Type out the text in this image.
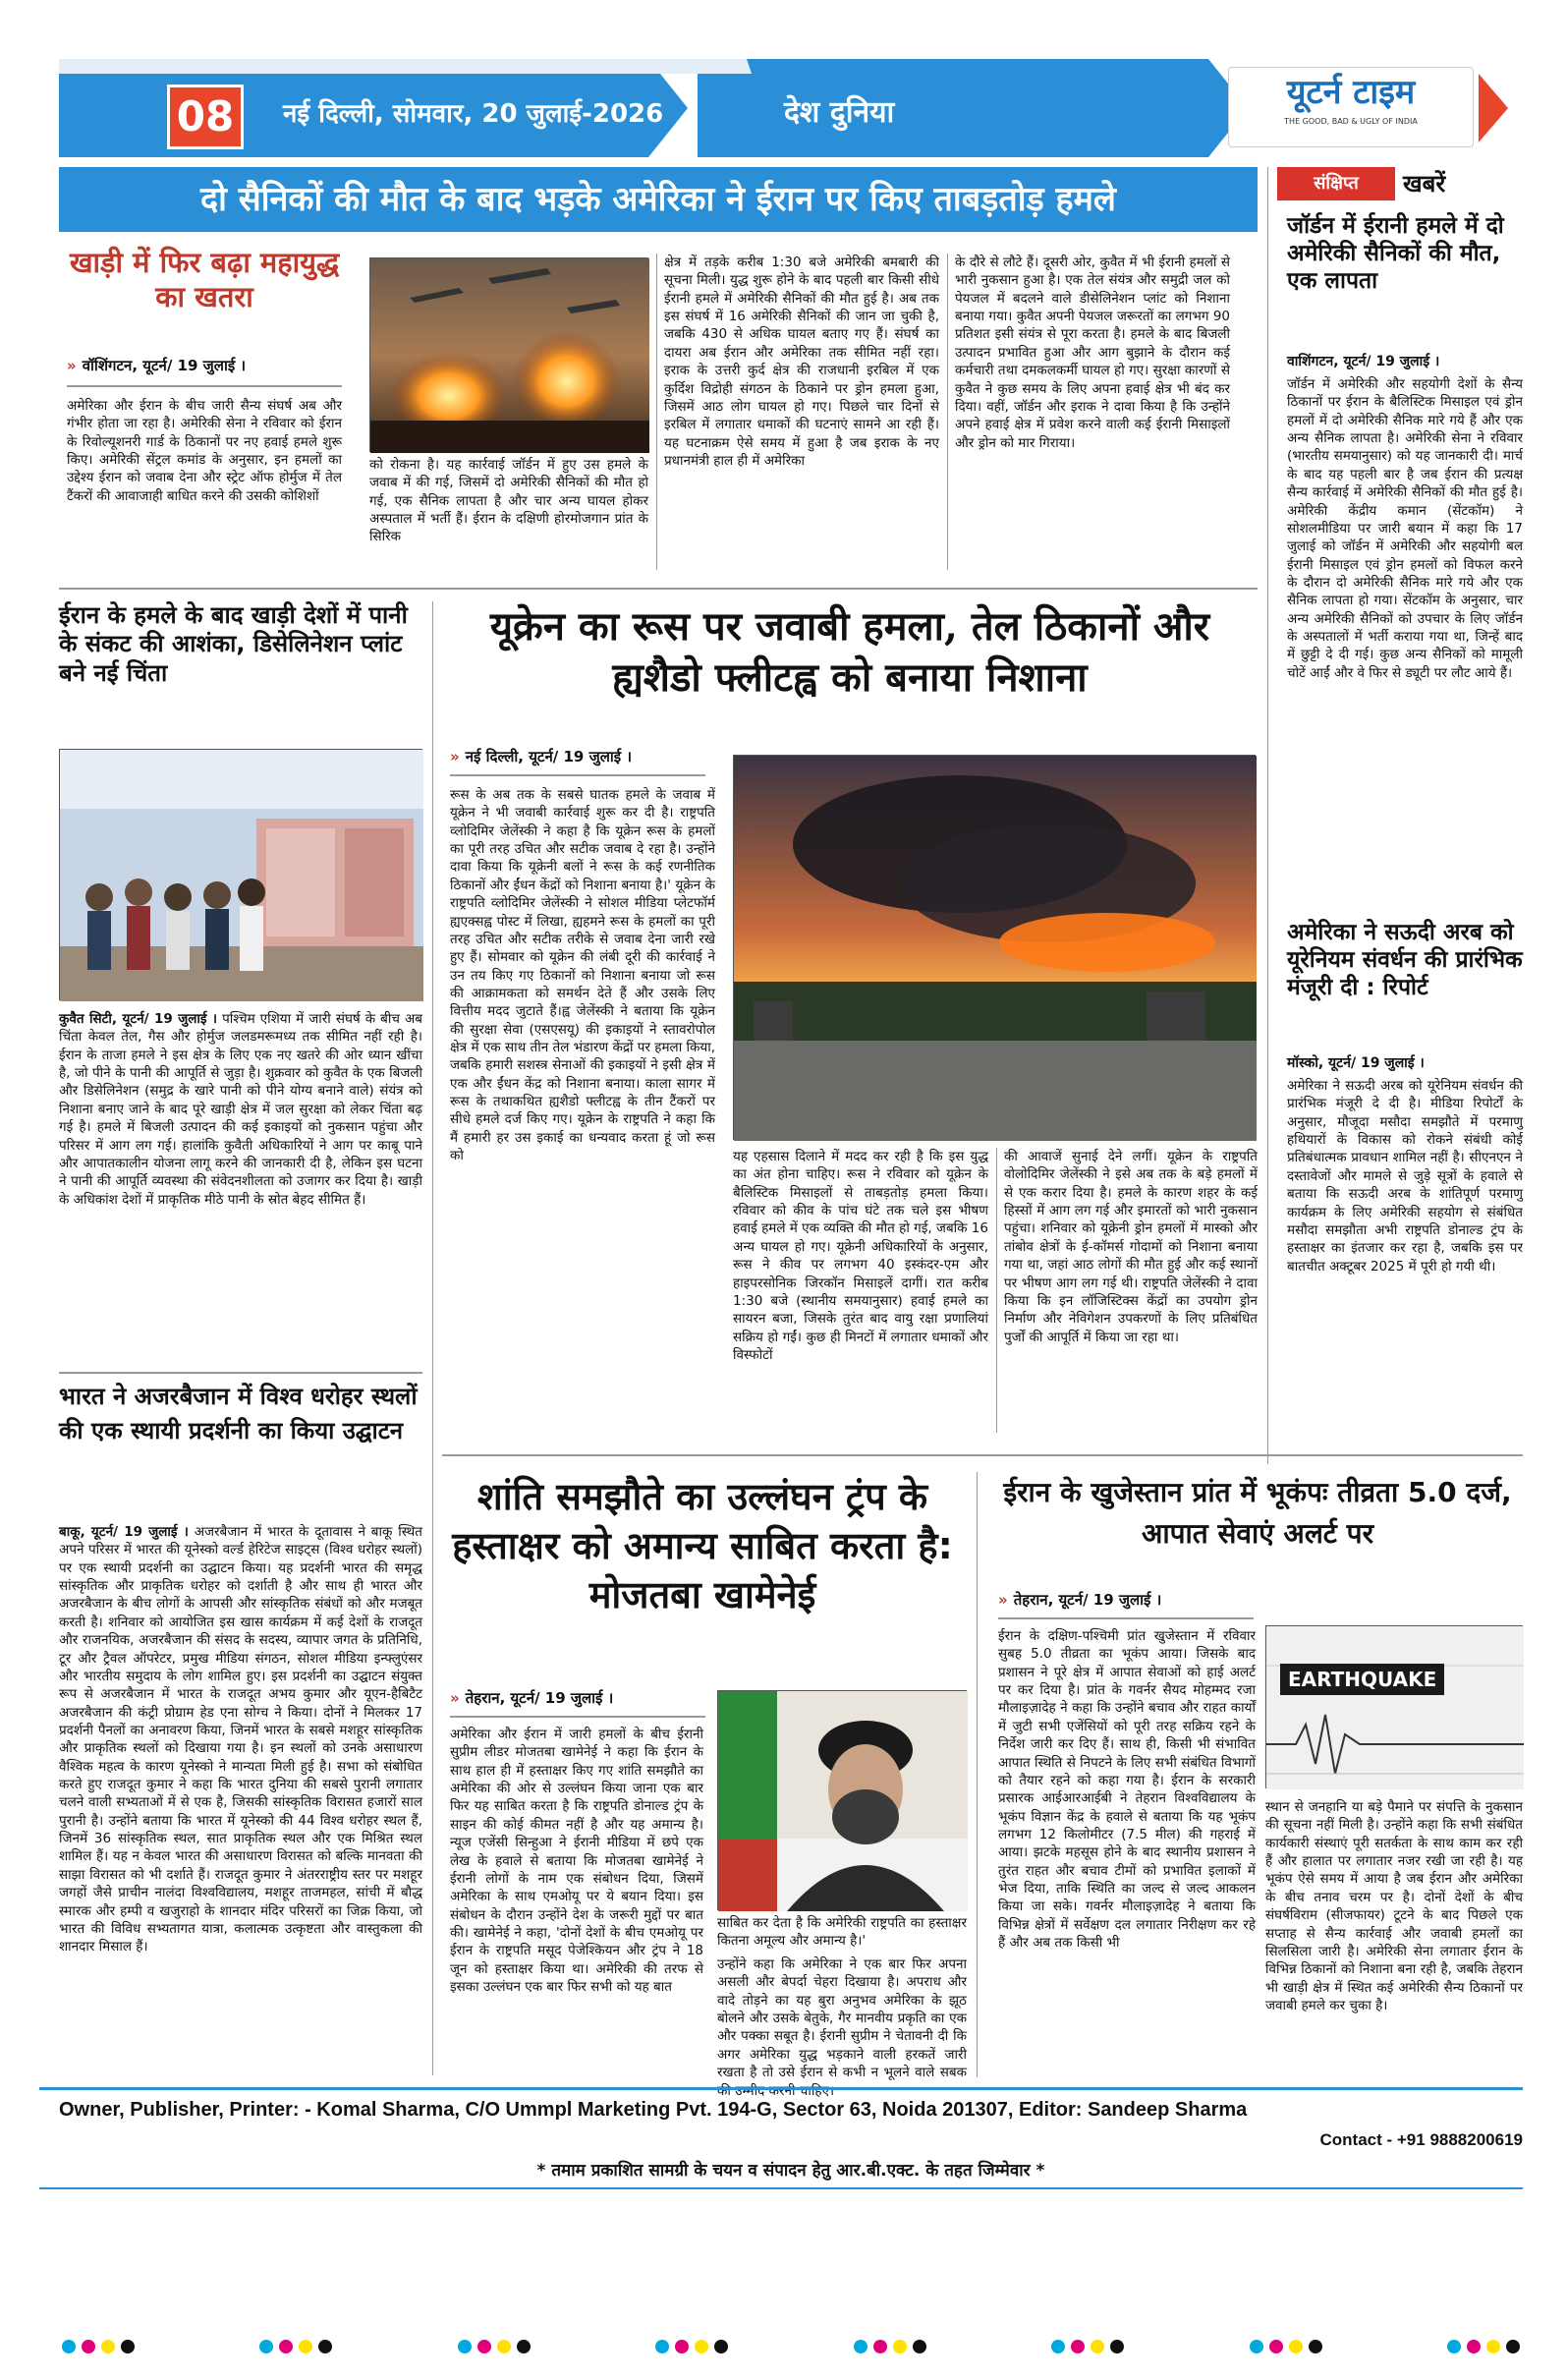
08	नई दिल्ली, सोमवार, 20 जुलाई-2026	देश दुनिया
यूटर्न टाइम
THE GOOD, BAD & UGLY OF INDIA
दो सैनिकों की मौत के बाद भड़के अमेरिका ने ईरान पर किए ताबड़तोड़ हमले
खाड़ी में फिर बढ़ा महायुद्ध का खतरा
» वॉशिंगटन, यूटर्न/ 19 जुलाई ।
अमेरिका और ईरान के बीच जारी सैन्य संघर्ष अब और गंभीर होता जा रहा है। अमेरिकी सेना ने रविवार को ईरान के रिवोल्यूशनरी गार्ड के ठिकानों पर नए हवाई हमले शुरू किए। अमेरिकी सेंट्रल कमांड के अनुसार, इन हमलों का उद्देश्य ईरान को जवाब देना और स्ट्रेट ऑफ होर्मुज में तेल टैंकरों की आवाजाही बाधित करने की उसकी कोशिशों
को रोकना है। यह कार्रवाई जॉर्डन में हुए उस हमले के जवाब में की गई, जिसमें दो अमेरिकी सैनिकों की मौत हो गई, एक सैनिक लापता है और चार अन्य घायल होकर अस्पताल में भर्ती हैं। ईरान के दक्षिणी होरमोजगान प्रांत के सिरिक
क्षेत्र में तड़के करीब 1:30 बजे अमेरिकी बमबारी की सूचना मिली। युद्ध शुरू होने के बाद पहली बार किसी सीधे ईरानी हमले में अमेरिकी सैनिकों की मौत हुई है। अब तक इस संघर्ष में 16 अमेरिकी सैनिकों की जान जा चुकी है, जबकि 430 से अधिक घायल बताए गए हैं। संघर्ष का दायरा अब ईरान और अमेरिका तक सीमित नहीं रहा। इराक के उत्तरी कुर्द क्षेत्र की राजधानी इरबिल में एक कुर्दिश विद्रोही संगठन के ठिकाने पर ड्रोन हमला हुआ, जिसमें आठ लोग घायल हो गए। पिछले चार दिनों से इरबिल में लगातार धमाकों की घटनाएं सामने आ रही हैं। यह घटनाक्रम ऐसे समय में हुआ है जब इराक के नए प्रधानमंत्री हाल ही में अमेरिका
के दौरे से लौटे हैं। दूसरी ओर, कुवैत में भी ईरानी हमलों से भारी नुकसान हुआ है। एक तेल संयंत्र और समुद्री जल को पेयजल में बदलने वाले डीसेलिनेशन प्लांट को निशाना बनाया गया। कुवैत अपनी पेयजल जरूरतों का लगभग 90 प्रतिशत इसी संयंत्र से पूरा करता है। हमले के बाद बिजली उत्पादन प्रभावित हुआ और आग बुझाने के दौरान कई कर्मचारी तथा दमकलकर्मी घायल हो गए। सुरक्षा कारणों से कुवैत ने कुछ समय के लिए अपना हवाई क्षेत्र भी बंद कर दिया। वहीं, जॉर्डन और इराक ने दावा किया है कि उन्होंने अपने हवाई क्षेत्र में प्रवेश करने वाली कई ईरानी मिसाइलों और ड्रोन को मार गिराया।
संक्षिप्त	खबरें
जॉर्डन में ईरानी हमले में दो अमेरिकी सैनिकों की मौत, एक लापता
वाशिंगटन, यूटर्न/ 19 जुलाई ।
जॉर्डन में अमेरिकी और सहयोगी देशों के सैन्य ठिकानों पर ईरान के बैलिस्टिक मिसाइल एवं ड्रोन हमलों में दो अमेरिकी सैनिक मारे गये हैं और एक अन्य सैनिक लापता है। अमेरिकी सेना ने रविवार (भारतीय समयानुसार) को यह जानकारी दी। मार्च के बाद यह पहली बार है जब ईरान की प्रत्यक्ष सैन्य कार्रवाई में अमेरिकी सैनिकों की मौत हुई है। अमेरिकी केंद्रीय कमान (सेंटकॉम) ने सोशलमीडिया पर जारी बयान में कहा कि 17 जुलाई को जॉर्डन में अमेरिकी और सहयोगी बल ईरानी मिसाइल एवं ड्रोन हमलों को विफल करने के दौरान दो अमेरिकी सैनिक मारे गये और एक सैनिक लापता हो गया। सेंटकॉम के अनुसार, चार अन्य अमेरिकी सैनिकों को उपचार के लिए जॉर्डन के अस्पतालों में भर्ती कराया गया था, जिन्हें बाद में छुट्टी दे दी गई। कुछ अन्य सैनिकों को मामूली चोटें आईं और वे फिर से ड्यूटी पर लौट आये हैं।
अमेरिका ने सऊदी अरब को यूरेनियम संवर्धन की प्रारंभिक मंजूरी दी : रिपोर्ट
मॉस्को, यूटर्न/ 19 जुलाई ।
अमेरिका ने सऊदी अरब को यूरेनियम संवर्धन की प्रारंभिक मंजूरी दे दी है। मीडिया रिपोर्टों के अनुसार, मौजूदा मसौदा समझौते में परमाणु हथियारों के विकास को रोकने संबंधी कोई प्रतिबंधात्मक प्रावधान शामिल नहीं है। सीएनएन ने दस्तावेजों और मामले से जुड़े सूत्रों के हवाले से बताया कि सऊदी अरब के शांतिपूर्ण परमाणु कार्यक्रम के लिए अमेरिकी सहयोग से संबंधित मसौदा समझौता अभी राष्ट्रपति डोनाल्ड ट्रंप के हस्ताक्षर का इंतजार कर रहा है, जबकि इस पर बातचीत अक्टूबर 2025 में पूरी हो गयी थी।
ईरान के हमले के बाद खाड़ी देशों में पानी के संकट की आशंका, डिसेलिनेशन प्लांट बने नई चिंता
कुवैत सिटी, यूटर्न/ 19 जुलाई । पश्चिम एशिया में जारी संघर्ष के बीच अब चिंता केवल तेल, गैस और होर्मुज जलडमरूमध्य तक सीमित नहीं रही है। ईरान के ताजा हमले ने इस क्षेत्र के लिए एक नए खतरे की ओर ध्यान खींचा है, जो पीने के पानी की आपूर्ति से जुड़ा है। शुक्रवार को कुवैत के एक बिजली और डिसेलिनेशन (समुद्र के खारे पानी को पीने योग्य बनाने वाले) संयंत्र को निशाना बनाए जाने के बाद पूरे खाड़ी क्षेत्र में जल सुरक्षा को लेकर चिंता बढ़ गई है। हमले में बिजली उत्पादन की कई इकाइयों को नुकसान पहुंचा और परिसर में आग लग गई। हालांकि कुवैती अधिकारियों ने आग पर काबू पाने और आपातकालीन योजना लागू करने की जानकारी दी है, लेकिन इस घटना ने पानी की आपूर्ति व्यवस्था की संवेदनशीलता को उजागर कर दिया है। खाड़ी के अधिकांश देशों में प्राकृतिक मीठे पानी के स्रोत बेहद सीमित हैं।
भारत ने अजरबैजान में विश्व धरोहर स्थलों की एक स्थायी प्रदर्शनी का किया उद्घाटन
बाकू, यूटर्न/ 19 जुलाई । अजरबैजान में भारत के दूतावास ने बाकू स्थित अपने परिसर में भारत की यूनेस्को वर्ल्ड हेरिटेज साइट्स (विश्व धरोहर स्थलों) पर एक स्थायी प्रदर्शनी का उद्घाटन किया। यह प्रदर्शनी भारत की समृद्ध सांस्कृतिक और प्राकृतिक धरोहर को दर्शाती है और साथ ही भारत और अजरबैजान के बीच लोगों के आपसी और सांस्कृतिक संबंधों को और मजबूत करती है। शनिवार को आयोजित इस खास कार्यक्रम में कई देशों के राजदूत और राजनयिक, अजरबैजान की संसद के सदस्य, व्यापार जगत के प्रतिनिधि, टूर और ट्रैवल ऑपरेटर, प्रमुख मीडिया संगठन, सोशल मीडिया इन्फ्लुएंसर और भारतीय समुदाय के लोग शामिल हुए। इस प्रदर्शनी का उद्घाटन संयुक्त रूप से अजरबैजान में भारत के राजदूत अभय कुमार और यूएन-हैबिटैट अजरबैजान की कंट्री प्रोग्राम हेड एना सोग्च ने किया। दोनों ने मिलकर 17 प्रदर्शनी पैनलों का अनावरण किया, जिनमें भारत के सबसे मशहूर सांस्कृतिक और प्राकृतिक स्थलों को दिखाया गया है। इन स्थलों को उनके असाधारण वैश्विक महत्व के कारण यूनेस्को ने मान्यता मिली हुई है। सभा को संबोधित करते हुए राजदूत कुमार ने कहा कि भारत दुनिया की सबसे पुरानी लगातार चलने वाली सभ्यताओं में से एक है, जिसकी सांस्कृतिक विरासत हजारों साल पुरानी है। उन्होंने बताया कि भारत में यूनेस्को की 44 विश्व धरोहर स्थल हैं, जिनमें 36 सांस्कृतिक स्थल, सात प्राकृतिक स्थल और एक मिश्रित स्थल शामिल हैं। यह न केवल भारत की असाधारण विरासत को बल्कि मानवता की साझा विरासत को भी दर्शाते हैं। राजदूत कुमार ने अंतरराष्ट्रीय स्तर पर मशहूर जगहों जैसे प्राचीन नालंदा विश्वविद्यालय, मशहूर ताजमहल, सांची में बौद्ध स्मारक और हम्पी व खजुराहो के शानदार मंदिर परिसरों का जिक्र किया, जो भारत की विविध सभ्यतागत यात्रा, कलात्मक उत्कृष्टता और वास्तुकला की शानदार मिसाल हैं।
यूक्रेन का रूस पर जवाबी हमला, तेल ठिकानों और ह्यशैडो फ्लीटह्व को बनाया निशाना
» नई दिल्ली, यूटर्न/ 19 जुलाई ।
रूस के अब तक के सबसे घातक हमले के जवाब में यूक्रेन ने भी जवाबी कार्रवाई शुरू कर दी है। राष्ट्रपति व्लोदिमिर जेलेंस्की ने कहा है कि यूक्रेन रूस के हमलों का पूरी तरह उचित और सटीक जवाब दे रहा है। उन्होंने दावा किया कि यूक्रेनी बलों ने रूस के कई रणनीतिक ठिकानों और ईंधन केंद्रों को निशाना बनाया है।' यूक्रेन के राष्ट्रपति व्लोदिमिर जेलेंस्की ने सोशल मीडिया प्लेटफॉर्म ह्यएक्सह्व पोस्ट में लिखा, ह्यहमने रूस के हमलों का पूरी तरह उचित और सटीक तरीके से जवाब देना जारी रखे हुए हैं। सोमवार को यूक्रेन की लंबी दूरी की कार्रवाई ने उन तय किए गए ठिकानों को निशाना बनाया जो रूस की आक्रामकता को समर्थन देते हैं और उसके लिए वित्तीय मदद जुटाते हैं।ह्व जेलेंस्की ने बताया कि यूक्रेन की सुरक्षा सेवा (एसएसयू) की इकाइयों ने स्तावरोपोल क्षेत्र में एक साथ तीन तेल भंडारण केंद्रों पर हमला किया, जबकि हमारी सशस्त्र सेनाओं की इकाइयों ने इसी क्षेत्र में एक और ईंधन केंद्र को निशाना बनाया। काला सागर में रूस के तथाकथित ह्यशैडो फ्लीटह्व के तीन टैंकरों पर सीधे हमले दर्ज किए गए। यूक्रेन के राष्ट्रपति ने कहा कि मैं हमारी हर उस इकाई का धन्यवाद करता हूं जो रूस को	यह एहसास दिलाने में मदद कर रही है कि इस युद्ध का अंत होना चाहिए। रूस ने रविवार को यूक्रेन के बैलिस्टिक मिसाइलों से ताबड़तोड़ हमला किया। रविवार को कीव के पांच घंटे तक चले इस भीषण हवाई हमले में एक व्यक्ति की मौत हो गई, जबकि 16 अन्य घायल हो गए। यूक्रेनी अधिकारियों के अनुसार, रूस ने कीव पर लगभग 40 इस्कंदर-एम और हाइपरसोनिक जिरकॉन मिसाइलें दागीं। रात करीब 1:30 बजे (स्थानीय समयानुसार) हवाई हमले का सायरन बजा, जिसके तुरंत बाद वायु रक्षा प्रणालियां सक्रिय हो गईं। कुछ ही मिनटों में लगातार धमाकों और विस्फोटों
की आवाजें सुनाई देने लगीं। यूक्रेन के राष्ट्रपति वोलोदिमिर जेलेंस्की ने इसे अब तक के बड़े हमलों में से एक करार दिया है। हमले के कारण शहर के कई हिस्सों में आग लग गई और इमारतों को भारी नुकसान पहुंचा। शनिवार को यूक्रेनी ड्रोन हमलों में मास्को और तांबोव क्षेत्रों के ई-कॉमर्स गोदामों को निशाना बनाया गया था, जहां आठ लोगों की मौत हुई और कई स्थानों पर भीषण आग लग गई थी। राष्ट्रपति जेलेंस्की ने दावा किया कि इन लॉजिस्टिक्स केंद्रों का उपयोग ड्रोन निर्माण और नेविगेशन उपकरणों के लिए प्रतिबंधित पुर्जों की आपूर्ति में किया जा रहा था।
शांति समझौते का उल्लंघन ट्रंप के हस्ताक्षर को अमान्य साबित करता है: मोजतबा खामेनेई
» तेहरान, यूटर्न/ 19 जुलाई ।
अमेरिका और ईरान में जारी हमलों के बीच ईरानी सुप्रीम लीडर मोजतबा खामेनेई ने कहा कि ईरान के साथ हाल ही में हस्ताक्षर किए गए शांति समझौते का अमेरिका की ओर से उल्लंघन किया जाना एक बार फिर यह साबित करता है कि राष्ट्रपति डोनाल्ड ट्रंप के साइन की कोई कीमत नहीं है और यह अमान्य है। न्यूज एजेंसी सिन्हुआ ने ईरानी मीडिया में छपे एक लेख के हवाले से बताया कि मोजतबा खामेनेई ने ईरानी लोगों के नाम एक संबोधन दिया, जिसमें अमेरिका के साथ एमओयू पर ये बयान दिया। इस संबोधन के दौरान उन्होंने देश के जरूरी मुद्दों पर बात की। खामेनेई ने कहा, 'दोनों देशों के बीच एमओयू पर ईरान के राष्ट्रपति मसूद पेजेश्कियन और ट्रंप ने 18 जून को हस्ताक्षर किया था। अमेरिकी की तरफ से इसका उल्लंघन एक बार फिर सभी को यह बात
साबित कर देता है कि अमेरिकी राष्ट्रपति का हस्ताक्षर कितना अमूल्य और अमान्य है।'
उन्होंने कहा कि अमेरिका ने एक बार फिर अपना असली और बेपर्दा चेहरा दिखाया है। अपराध और वादे तोड़ने का यह बुरा अनुभव अमेरिका के झूठ बोलने और उसके बेतुके, गैर मानवीय प्रकृति का एक और पक्का सबूत है। ईरानी सुप्रीम ने चेतावनी दी कि अगर अमेरिका युद्ध भड़काने वाली हरकतें जारी रखता है तो उसे ईरान से कभी न भूलने वाले सबक की उम्मीद करनी चाहिए।
ईरान के खुजेस्तान प्रांत में भूकंपः तीव्रता 5.0 दर्ज, आपात सेवाएं अलर्ट पर
» तेहरान, यूटर्न/ 19 जुलाई ।
ईरान के दक्षिण-पश्चिमी प्रांत खुजेस्तान में रविवार सुबह 5.0 तीव्रता का भूकंप आया। जिसके बाद प्रशासन ने पूरे क्षेत्र में आपात सेवाओं को हाई अलर्ट पर कर दिया है। प्रांत के गवर्नर सैयद मोहम्मद रजा मौलाइज़ादेह ने कहा कि उन्होंने बचाव और राहत कार्यों में जुटी सभी एजेंसियों को पूरी तरह सक्रिय रहने के निर्देश जारी कर दिए हैं। साथ ही, किसी भी संभावित आपात स्थिति से निपटने के लिए सभी संबंधित विभागों को तैयार रहने को कहा गया है। ईरान के सरकारी प्रसारक आईआरआईबी ने तेहरान विश्वविद्यालय के भूकंप विज्ञान केंद्र के हवाले से बताया कि यह भूकंप लगभग 12 किलोमीटर (7.5 मील) की गहराई में आया। झटके महसूस होने के बाद स्थानीय प्रशासन ने तुरंत राहत और बचाव टीमों को प्रभावित इलाकों में भेज दिया, ताकि स्थिति का जल्द से जल्द आकलन किया जा सके। गवर्नर मौलाइज़ादेह ने बताया कि विभिन्न क्षेत्रों में सर्वेक्षण दल लगातार निरीक्षण कर रहे हैं और अब तक किसी भी
EARTHQUAKE
स्थान से जनहानि या बड़े पैमाने पर संपत्ति के नुकसान की सूचना नहीं मिली है। उन्होंने कहा कि सभी संबंधित कार्यकारी संस्थाएं पूरी सतर्कता के साथ काम कर रही हैं और हालात पर लगातार नजर रखी जा रही है। यह भूकंप ऐसे समय में आया है जब ईरान और अमेरिका के बीच तनाव चरम पर है। दोनों देशों के बीच संघर्षविराम (सीजफायर) टूटने के बाद पिछले एक सप्ताह से सैन्य कार्रवाई और जवाबी हमलों का सिलसिला जारी है। अमेरिकी सेना लगातार ईरान के विभिन्न ठिकानों को निशाना बना रही है, जबकि तेहरान भी खाड़ी क्षेत्र में स्थित कई अमेरिकी सैन्य ठिकानों पर जवाबी हमले कर चुका है।
Owner, Publisher, Printer: - Komal Sharma, C/O Ummpl Marketing Pvt. 194-G, Sector 63, Noida 201307, Editor: Sandeep Sharma
Contact - +91 9888200619
* तमाम प्रकाशित सामग्री के चयन व संपादन हेतु आर.बी.एक्ट. के तहत जिम्मेवार *
